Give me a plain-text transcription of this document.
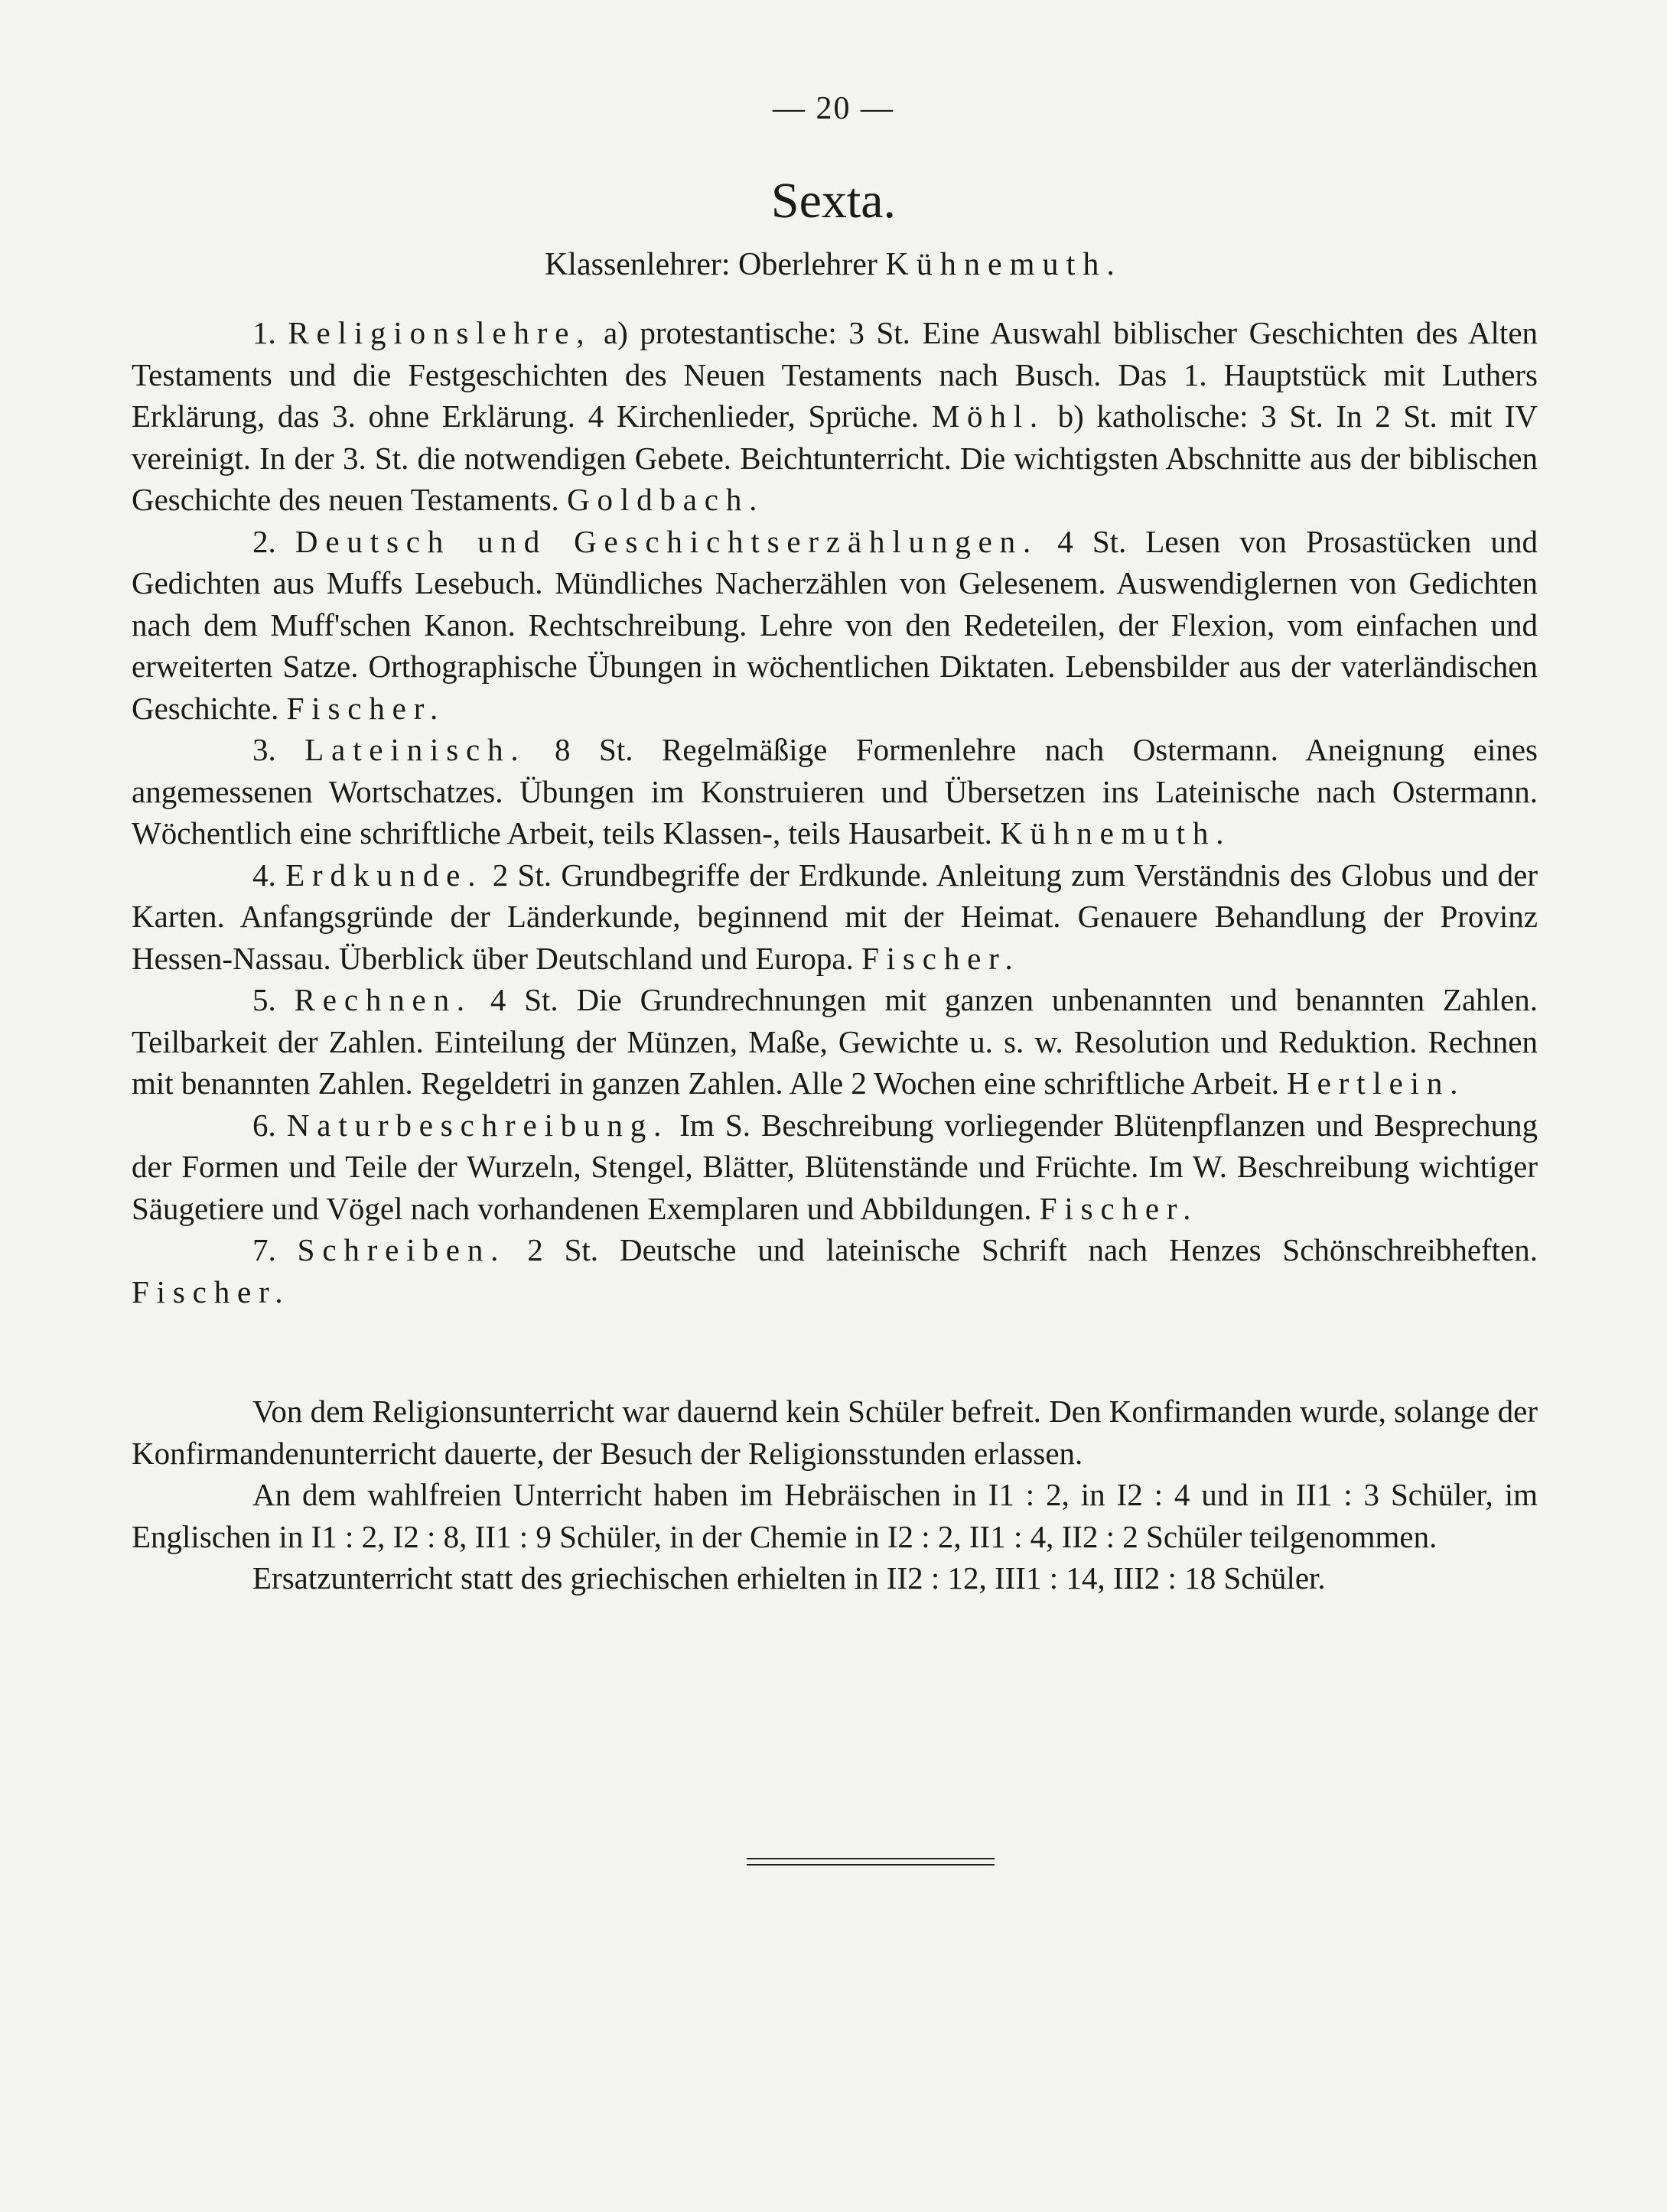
— 20 —
Sexta.
Klassenlehrer: Oberlehrer Kühnemuth.

1. Religionslehre, a) protestantische: 3 St. Eine Auswahl biblischer Geschichten des Alten Testaments und die Festgeschichten des Neuen Testaments nach Busch. Das 1. Hauptstück mit Luthers Erklärung, das 3. ohne Erklärung. 4 Kirchenlieder, Sprüche. Möhl. b) katholische: 3 St. In 2 St. mit IV vereinigt. In der 3. St. die notwendigen Gebete. Beichtunterricht. Die wichtigsten Abschnitte aus der biblischen Geschichte des neuen Testaments. Goldbach.

2. Deutsch und Geschichtserzählungen. 4 St. Lesen von Prosastücken und Gedichten aus Muffs Lesebuch. Mündliches Nacherzählen von Gelesenem. Auswendiglernen von Gedichten nach dem Muff'schen Kanon. Rechtschreibung. Lehre von den Redeteilen, der Flexion, vom einfachen und erweiterten Satze. Orthographische Übungen in wöchentlichen Diktaten. Lebensbilder aus der vaterländischen Geschichte. Fischer.

3. Lateinisch. 8 St. Regelmäßige Formenlehre nach Ostermann. Aneignung eines angemessenen Wortschatzes. Übungen im Konstruieren und Übersetzen ins Lateinische nach Ostermann. Wöchentlich eine schriftliche Arbeit, teils Klassen-, teils Hausarbeit. Kühnemuth.

4. Erdkunde. 2 St. Grundbegriffe der Erdkunde. Anleitung zum Verständnis des Globus und der Karten. Anfangsgründe der Länderkunde, beginnend mit der Heimat. Genauere Behandlung der Provinz Hessen-Nassau. Überblick über Deutschland und Europa. Fischer.

5. Rechnen. 4 St. Die Grundrechnungen mit ganzen unbenannten und benannten Zahlen. Teilbarkeit der Zahlen. Einteilung der Münzen, Maße, Gewichte u. s. w. Resolution und Reduktion. Rechnen mit benannten Zahlen. Regeldetri in ganzen Zahlen. Alle 2 Wochen eine schriftliche Arbeit. Hertlein.

6. Naturbeschreibung. Im S. Beschreibung vorliegender Blütenpflanzen und Besprechung der Formen und Teile der Wurzeln, Stengel, Blätter, Blütenstände und Früchte. Im W. Beschreibung wichtiger Säugetiere und Vögel nach vorhandenen Exemplaren und Abbildungen. Fischer.

7. Schreiben. 2 St. Deutsche und lateinische Schrift nach Henzes Schönschreibheften. Fischer.

Von dem Religionsunterricht war dauernd kein Schüler befreit. Den Konfirmanden wurde, solange der Konfirmandenunterricht dauerte, der Besuch der Religionsstunden erlassen.

An dem wahlfreien Unterricht haben im Hebräischen in I1 : 2, in I2 : 4 und in II1 : 3 Schüler, im Englischen in I1 : 2, I2 : 8, II1 : 9 Schüler, in der Chemie in I2 : 2, II1 : 4, II2 : 2 Schüler teilgenommen.

Ersatzunterricht statt des griechischen erhielten in II2 : 12, III1 : 14, III2 : 18 Schüler.
